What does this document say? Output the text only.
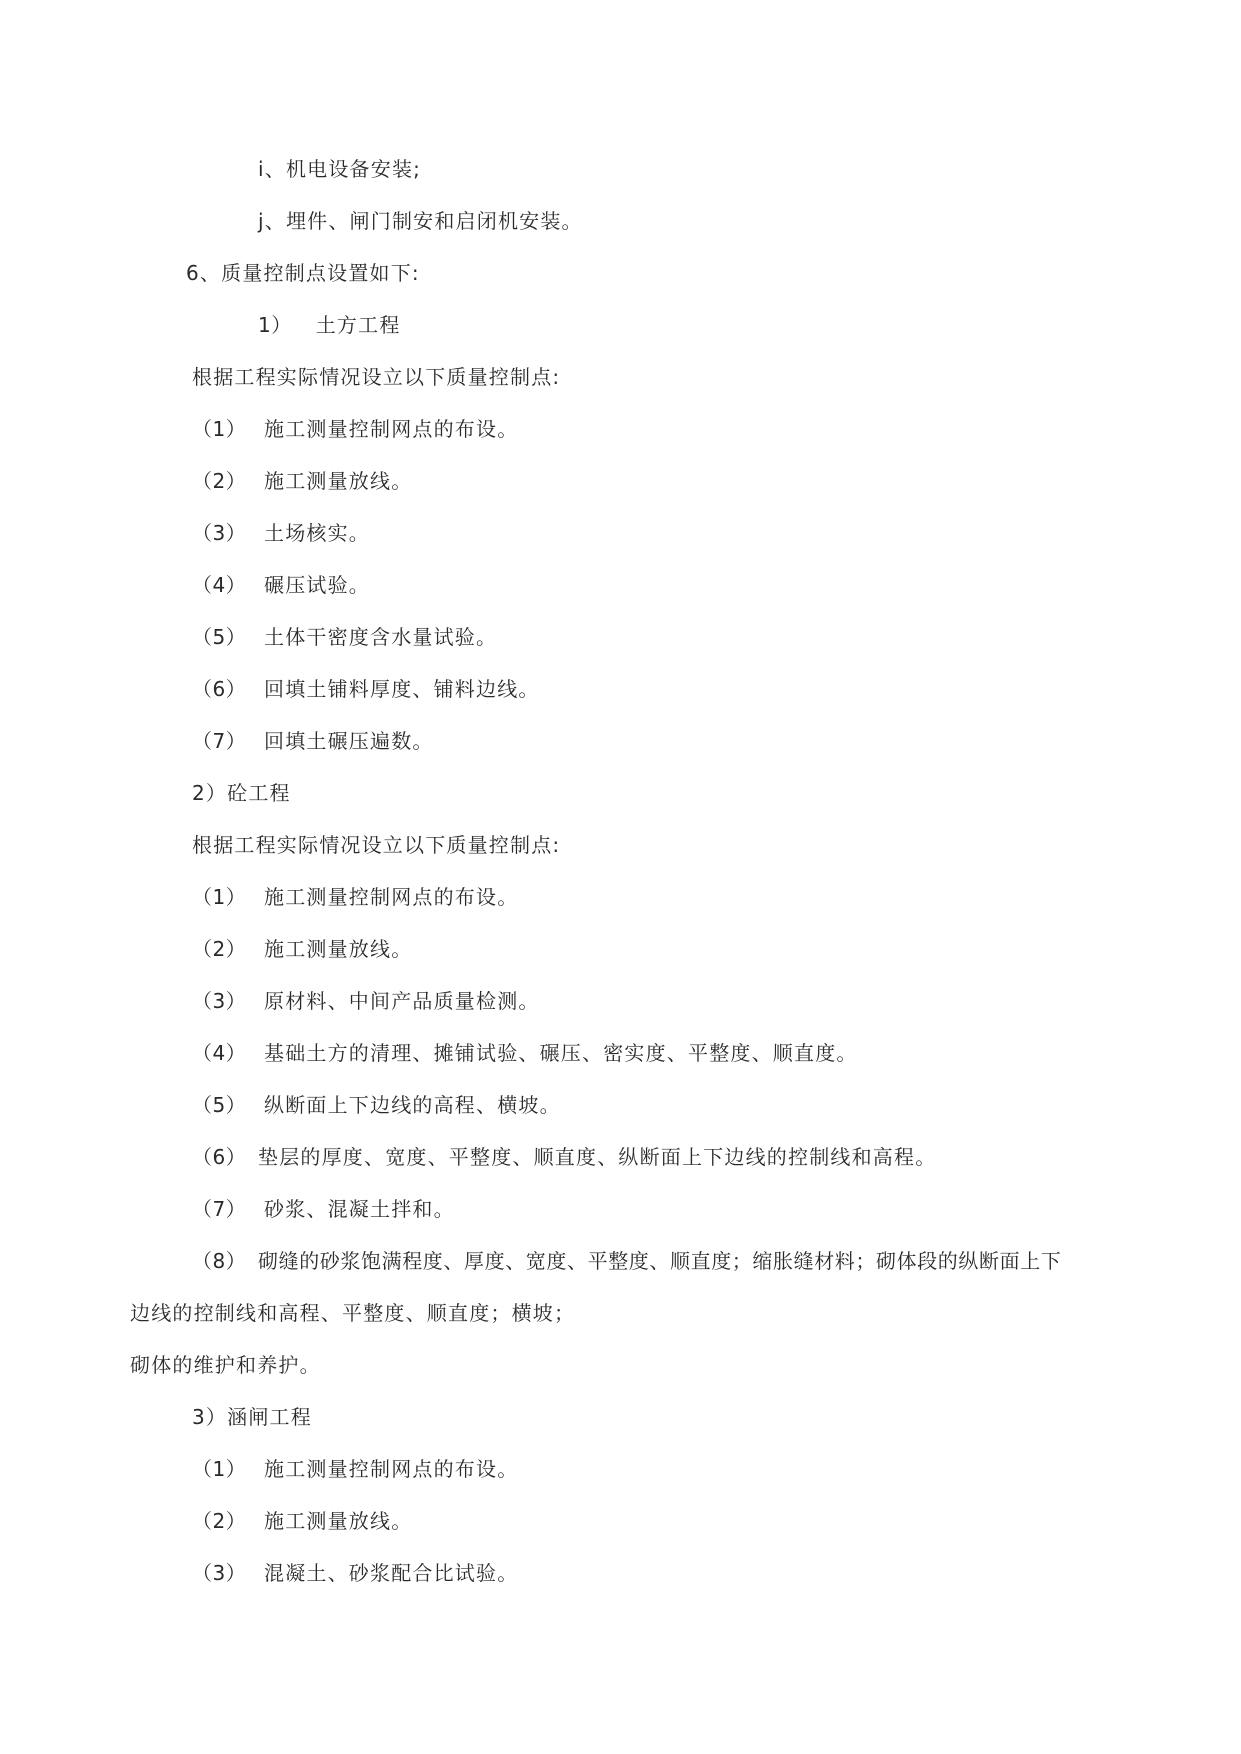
i、机电设备安装;
j、埋件、闸门制安和启闭机安装。
6、质量控制点设置如下:
1） 土方工程
根据工程实际情况设立以下质量控制点:
（1） 施工测量控制网点的布设。
（2） 施工测量放线。
（3） 土场核实。
（4） 碾压试验。
（5） 土体干密度含水量试验。
（6） 回填土铺料厚度、铺料边线。
（7） 回填土碾压遍数。
2）砼工程
根据工程实际情况设立以下质量控制点:
（1） 施工测量控制网点的布设。
（2） 施工测量放线。
（3） 原材料、中间产品质量检测。
（4） 基础土方的清理、摊铺试验、碾压、密实度、平整度、顺直度。
（5） 纵断面上下边线的高程、横坡。
（6） 垫层的厚度、宽度、平整度、顺直度、纵断面上下边线的控制线和高程。
（7） 砂浆、混凝土拌和。
（8） 砌缝的砂浆饱满程度、厚度、宽度、平整度、顺直度；缩胀缝材料；砌体段的纵断面上下
边线的控制线和高程、平整度、顺直度；横坡；
砌体的维护和养护。
3）涵闸工程
（1） 施工测量控制网点的布设。
（2） 施工测量放线。
（3） 混凝土、砂浆配合比试验。
